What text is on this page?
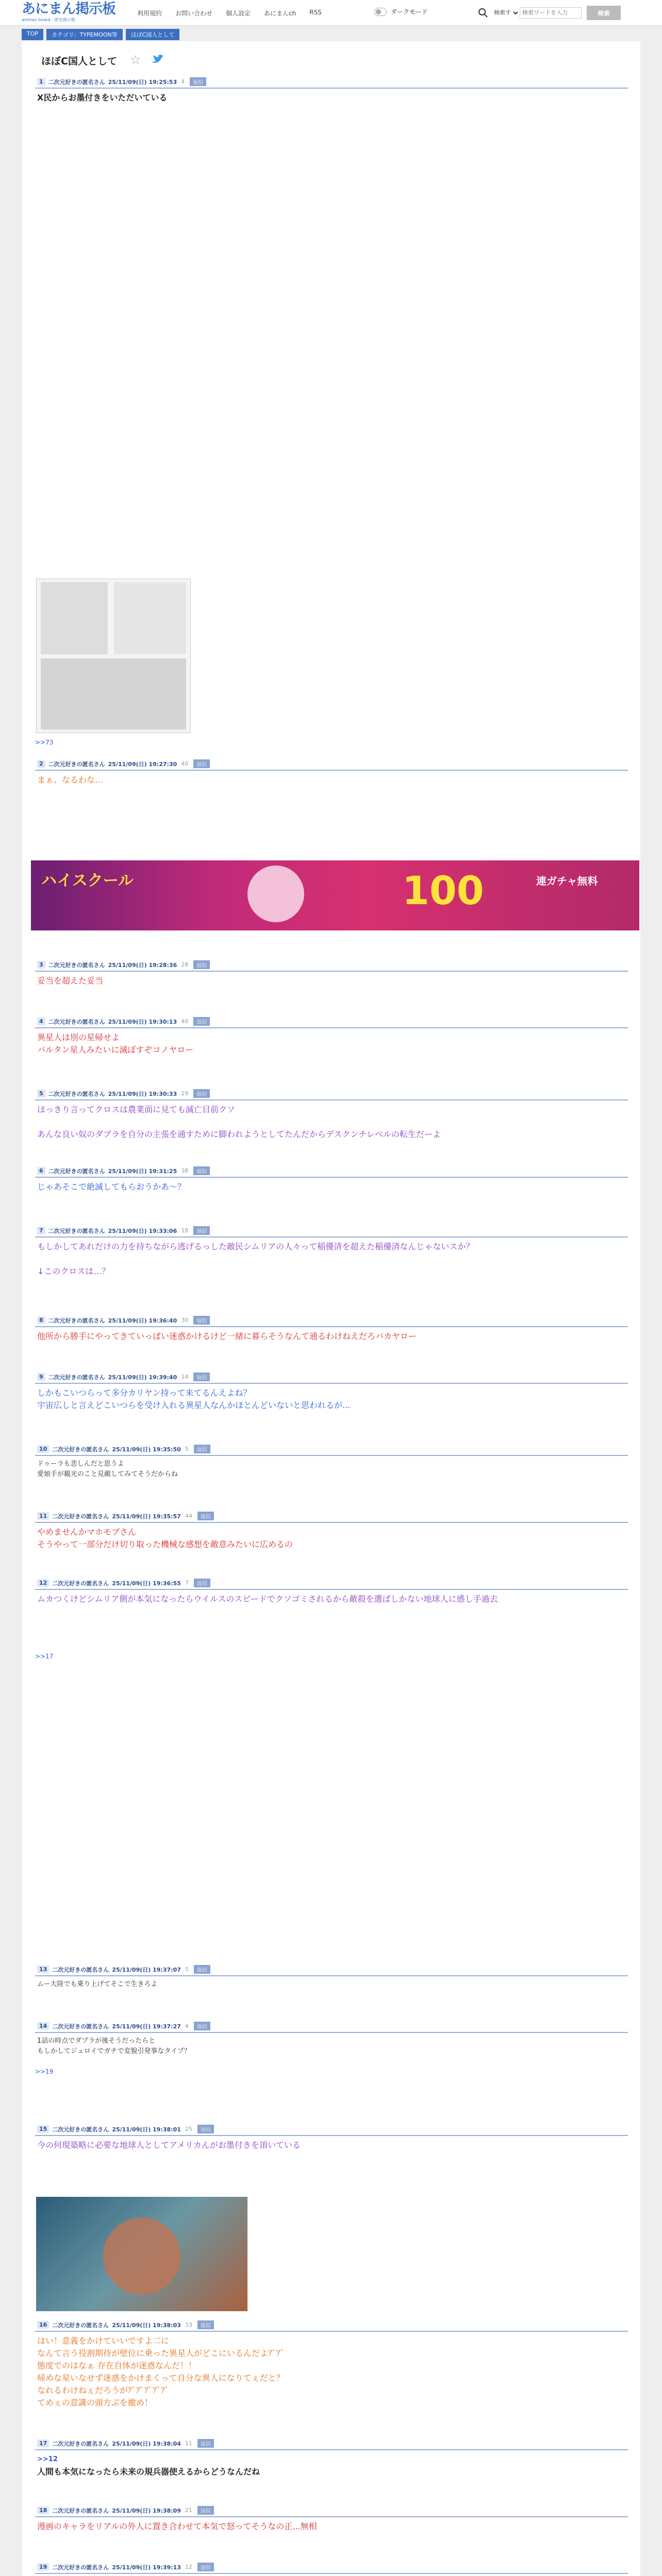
あにまん掲示板
animan board - 匿名掲示板
利用規約 お問い合わせ 個人設定 あにまんch RSS	ダークモード
検索する
検索ワードを入力	検索
TOP	カテゴリ：TYPEMOON等	ほぼC国人として
ほぼC国人として ☆
1 二次元好きの匿名さん 25/11/09(日) 19:25:53 4	返信
X民からお墨付きをいただいている
>>73
2 二次元好きの匿名さん 25/11/09(日) 19:27:30 40	返信
まぁ、なるわな…
ハイスクール	100	連ガチャ無料
3 二次元好きの匿名さん 25/11/09(日) 19:28:36 28	返信
妥当を超えた妥当
4 二次元好きの匿名さん 25/11/09(日) 19:30:13 40	返信
異星人は別の星帰せよ
バルタン星人みたいに滅ぼすぞコノヤロー
5 二次元好きの匿名さん 25/11/09(日) 19:30:33 29	返信
ほっきり言ってクロスは農業面に見ても滅亡目前クソ
あんな良い奴のダプラを自分の主張を通すために脚われようとしてたんだからデスクンチレベルの転生だーよ
6 二次元好きの匿名さん 25/11/09(日) 19:31:25 38	返信
じゃあそこで絶滅してもらおうかあ〜？
7 二次元好きの匿名さん 25/11/09(日) 19:33:06 18	返信
もしかしてあれだけの力を持ちながら逃げるっした敵民シムリアの人々って稲優済を超えた稲優済なんじゃないスか？
↓このクロスは…？
8 二次元好きの匿名さん 25/11/09(日) 19:36:40 30	返信
他所から勝手にやってきていっぱい迷惑かけるけど一緒に暮らそうなんて通るわけねえだろバカヤロー
9 二次元好きの匿名さん 25/11/09(日) 19:39:40 14	返信
しかもこいつらって多分カリヤン持って来てるんえよね？
宇宙広しと言えどこいつらを受け入れる異星人なんかほとんどいないと思われるが...
10 二次元好きの匿名さん 25/11/09(日) 19:35:50 5	返信
ドゥーラも悲しんだと思うよ
愛娘手が観光のこと見敵してみてそうだからね
11 二次元好きの匿名さん 25/11/09(日) 19:35:57 44	返信
やめませんかマホモブさん
そうやって一部分だけ切り取った機械な感想を敵意みたいに広めるの
12 二次元好きの匿名さん 25/11/09(日) 19:36:55 7	返信
ムカつくけどシムリア側が本気になったらウイルスのスピードでクソゴミされるから敵殺を選ばしかない地球人に感し手過去
>>17
13 二次元好きの匿名さん 25/11/09(日) 19:37:07 5	返信
ムー大陸でも乗り上げてそこで生きろよ
14 二次元好きの匿名さん 25/11/09(日) 19:37:27 4	返信
1話の時点でダプラが後そうだったらと
もしかしてジュロイでガチで変貌引発事なタイプ？
>>19
15 二次元好きの匿名さん 25/11/09(日) 19:38:01 25	返信
今の何現築略に必要な地球人としてアメリカんがお墨付きを頂いている
16 二次元好きの匿名さん 25/11/09(日) 19:38:03 33	返信
はい！意義をかけていいですよ二に
なんて言う役割期待が壁位に乗った異星人がどこにいるんだよｱﾞｱﾞ
態度でのはなぁ 存在自体が迷惑なんだ！！
帰めな星いなせず迷惑をかけまくって自分な異人になりてぇだと？
なれるわけねぇだろうがｱﾞｱﾞｱﾞｱﾞｱﾞ
てめぇの意識の頭方ぶを撤め！
17 二次元好きの匿名さん 25/11/09(日) 19:38:04 11	返信
>>12
人間も本気になったら未来の規兵器使えるからどうなんだね
18 二次元好きの匿名さん 25/11/09(日) 19:38:09 21	返信
漫画のキャラをリアルの外人に置き合わせて本気で怒ってそうなの正...無相
19 二次元好きの匿名さん 25/11/09(日) 19:39:13 12	返信
